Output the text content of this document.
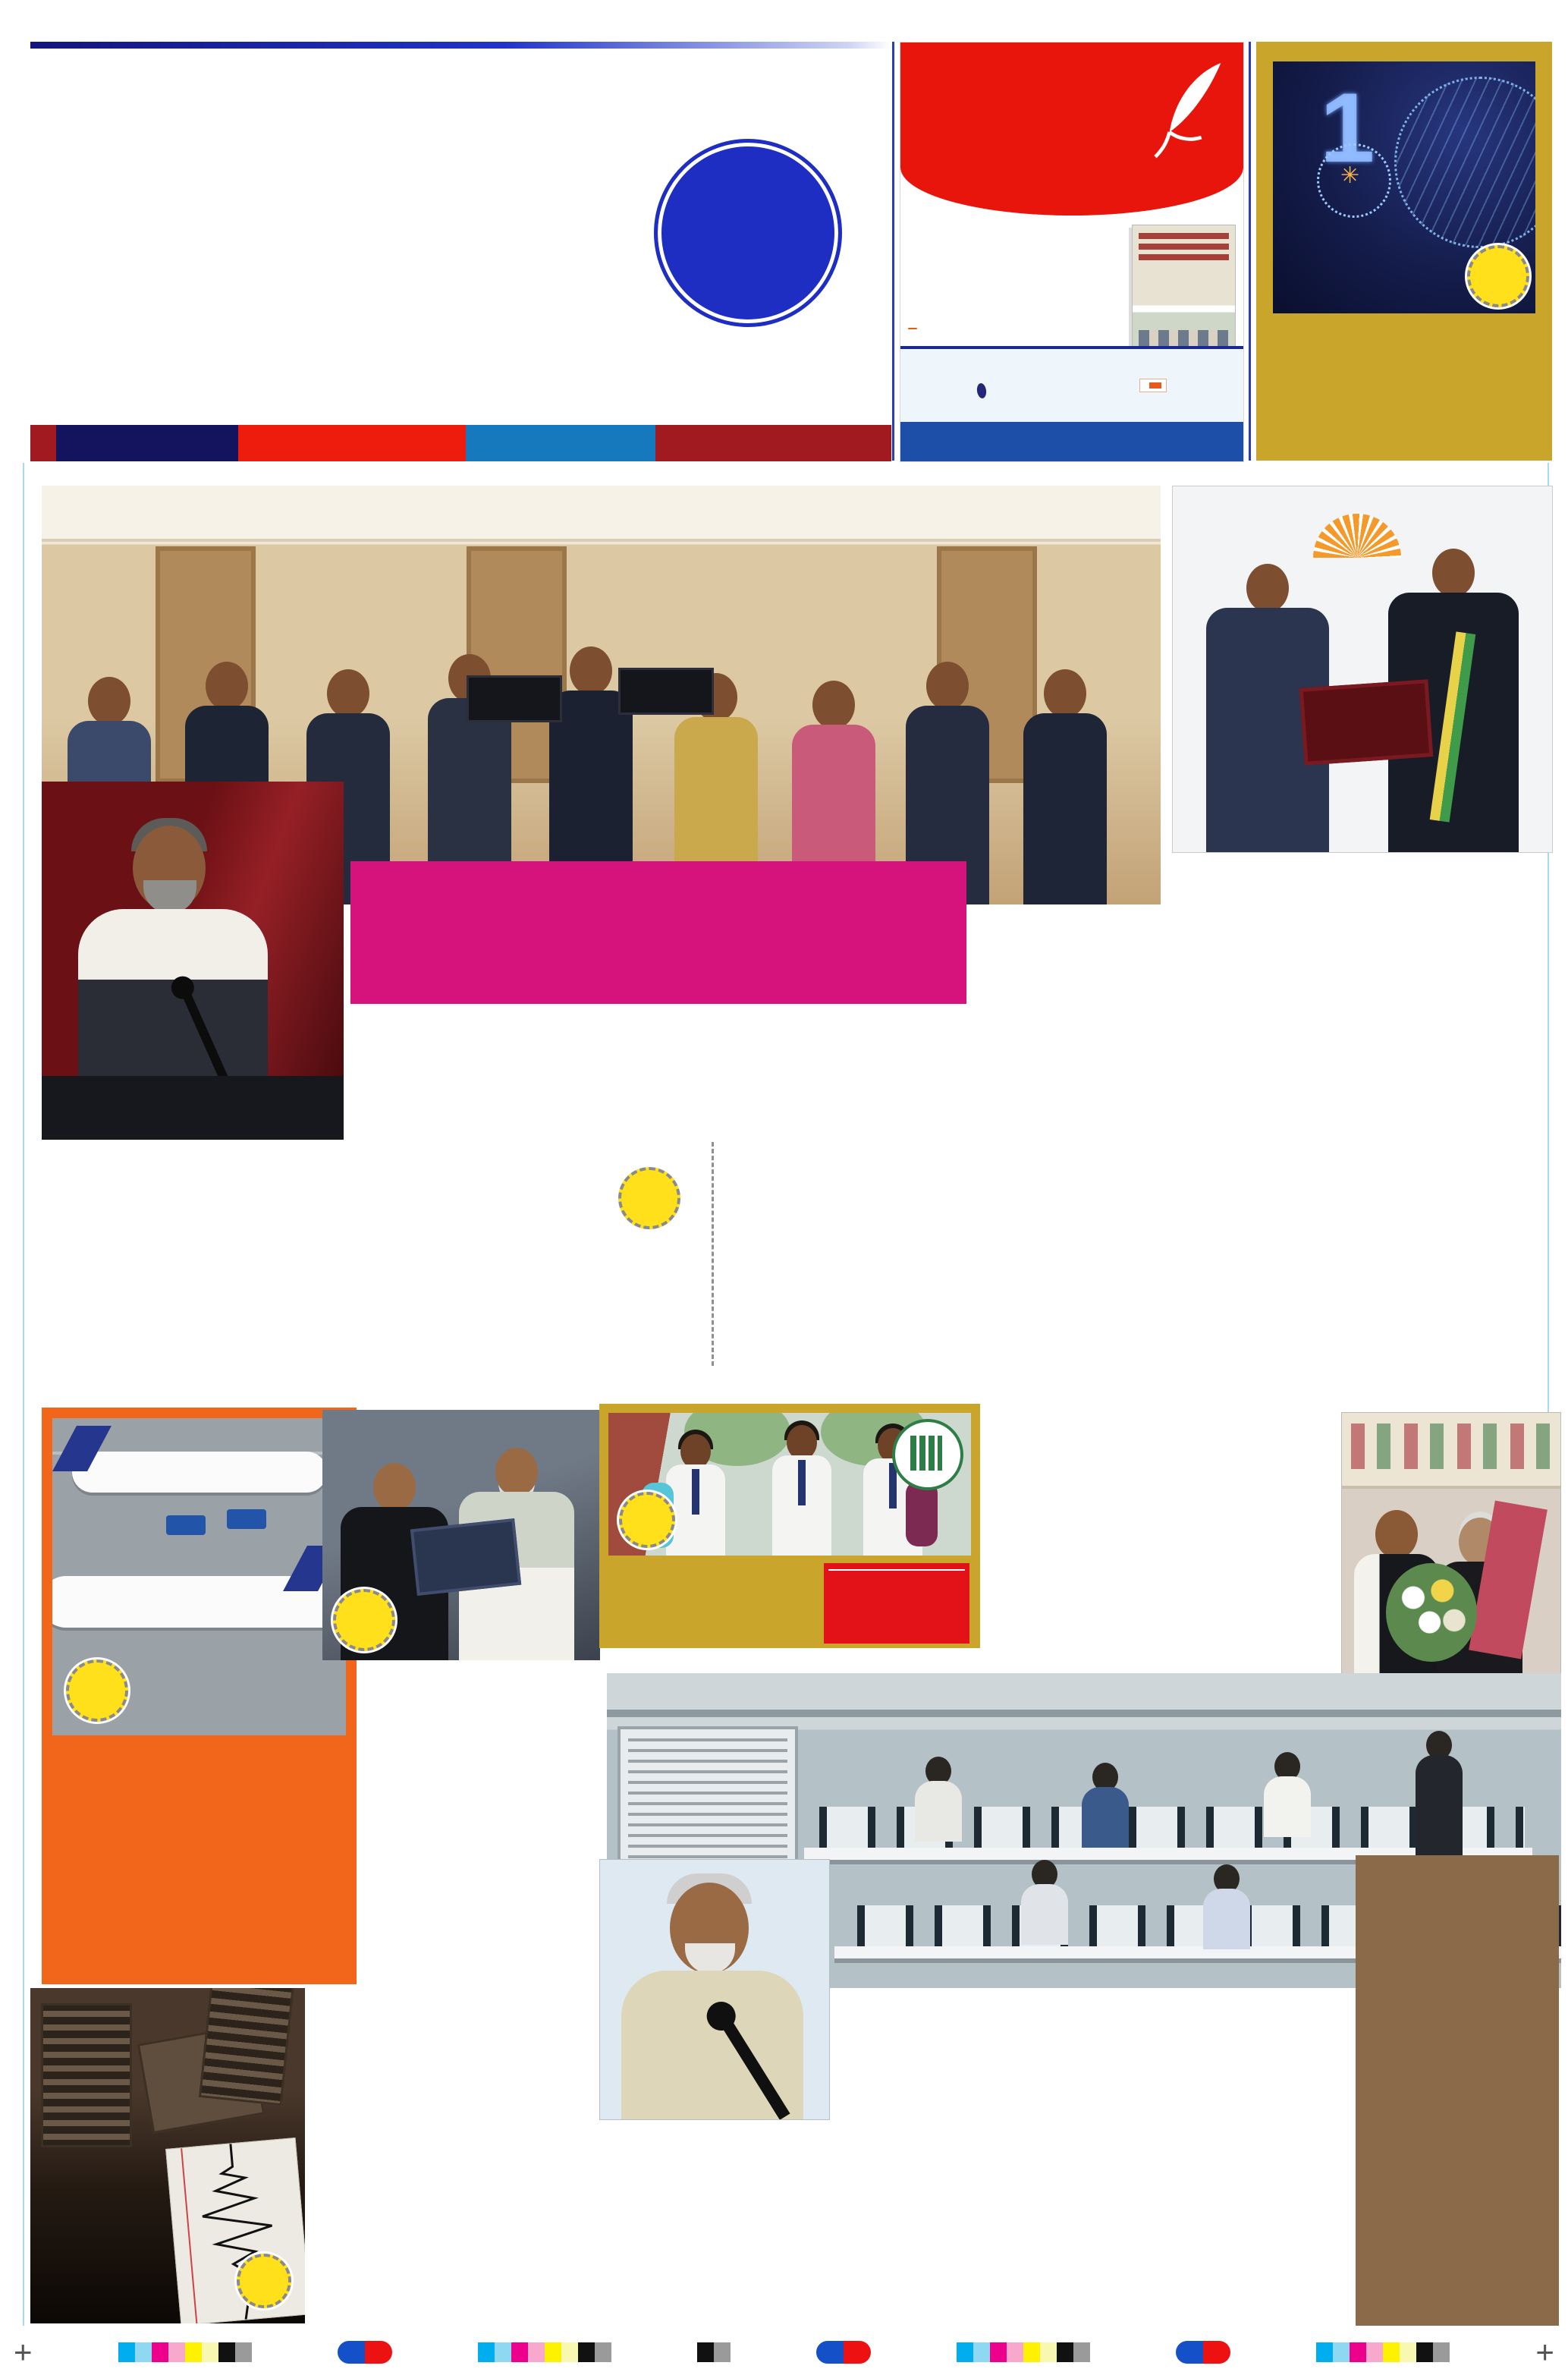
1
✳
+	+
